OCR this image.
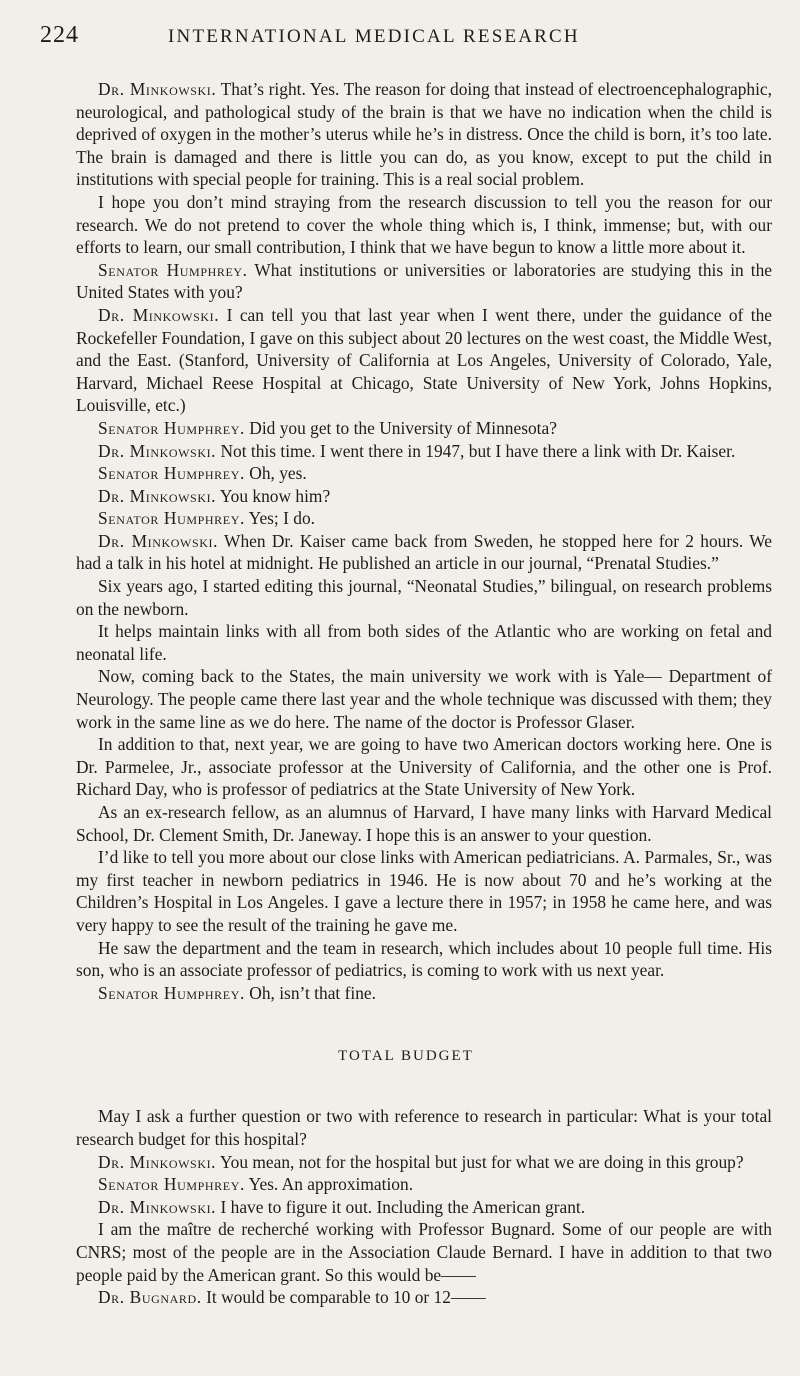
224	INTERNATIONAL MEDICAL RESEARCH

Dr. Minkowski. That’s right. Yes. The reason for doing that instead of electroencephalographic, neurological, and pathological study of the brain is that we have no indication when the child is deprived of oxygen in the mother’s uterus while he’s in distress. Once the child is born, it’s too late. The brain is damaged and there is little you can do, as you know, except to put the child in institutions with special people for training. This is a real social problem.

I hope you don’t mind straying from the research discussion to tell you the reason for our research. We do not pretend to cover the whole thing which is, I think, immense; but, with our efforts to learn, our small contribution, I think that we have begun to know a little more about it.

Senator Humphrey. What institutions or universities or laboratories are studying this in the United States with you?

Dr. Minkowski. I can tell you that last year when I went there, under the guidance of the Rockefeller Foundation, I gave on this subject about 20 lectures on the west coast, the Middle West, and the East. (Stanford, University of California at Los Angeles, University of Colorado, Yale, Harvard, Michael Reese Hospital at Chicago, State University of New York, Johns Hopkins, Louisville, etc.)

Senator Humphrey. Did you get to the University of Minnesota?

Dr. Minkowski. Not this time. I went there in 1947, but I have there a link with Dr. Kaiser.

Senator Humphrey. Oh, yes.

Dr. Minkowski. You know him?

Senator Humphrey. Yes; I do.

Dr. Minkowski. When Dr. Kaiser came back from Sweden, he stopped here for 2 hours. We had a talk in his hotel at midnight. He published an article in our journal, “Prenatal Studies.”

Six years ago, I started editing this journal, “Neonatal Studies,” bilingual, on research problems on the newborn.

It helps maintain links with all from both sides of the Atlantic who are working on fetal and neonatal life.

Now, coming back to the States, the main university we work with is Yale— Department of Neurology. The people came there last year and the whole technique was discussed with them; they work in the same line as we do here. The name of the doctor is Professor Glaser.

In addition to that, next year, we are going to have two American doctors working here. One is Dr. Parmelee, Jr., associate professor at the University of California, and the other one is Prof. Richard Day, who is professor of pediatrics at the State University of New York.

As an ex-research fellow, as an alumnus of Harvard, I have many links with Harvard Medical School, Dr. Clement Smith, Dr. Janeway. I hope this is an answer to your question.

I’d like to tell you more about our close links with American pediatricians. A. Parmales, Sr., was my first teacher in newborn pediatrics in 1946. He is now about 70 and he’s working at the Children’s Hospital in Los Angeles. I gave a lecture there in 1957; in 1958 he came here, and was very happy to see the result of the training he gave me.

He saw the department and the team in research, which includes about 10 people full time. His son, who is an associate professor of pediatrics, is coming to work with us next year.

Senator Humphrey. Oh, isn’t that fine.

TOTAL BUDGET

May I ask a further question or two with reference to research in particular: What is your total research budget for this hospital?

Dr. Minkowski. You mean, not for the hospital but just for what we are doing in this group?

Senator Humphrey. Yes. An approximation.

Dr. Minkowski. I have to figure it out. Including the American grant.

I am the maître de recherché working with Professor Bugnard. Some of our people are with CNRS; most of the people are in the Association Claude Bernard. I have in addition to that two people paid by the American grant. So this would be——

Dr. Bugnard. It would be comparable to 10 or 12——
